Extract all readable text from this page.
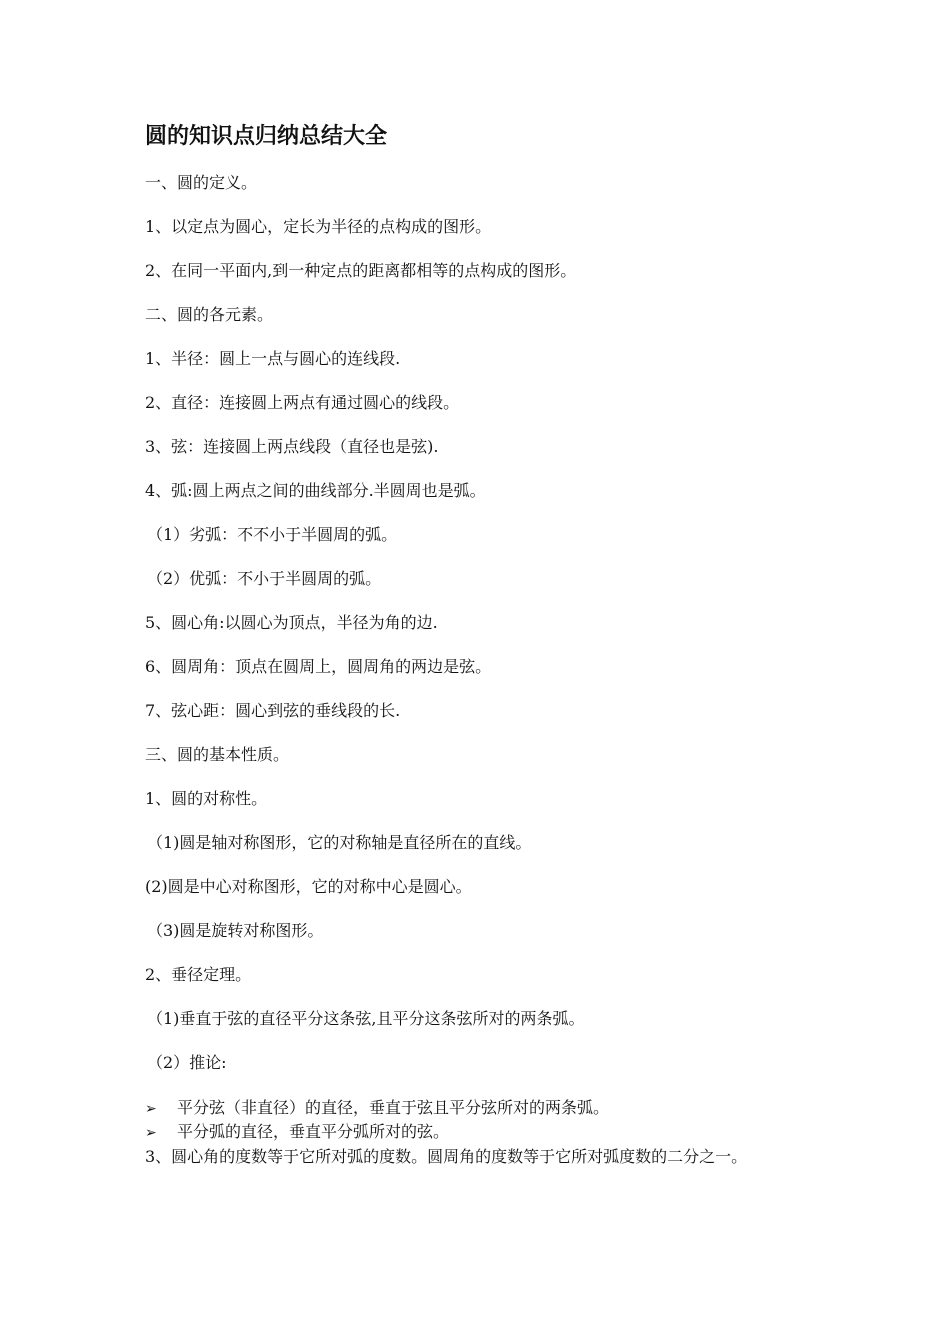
圆的知识点归纳总结大全
一、圆的定义。
1、以定点为圆心，定长为半径的点构成的图形。
2、在同一平面内,到一种定点的距离都相等的点构成的图形。
二、圆的各元素。
1、半径：圆上一点与圆心的连线段.
2、直径：连接圆上两点有通过圆心的线段。
3、弦：连接圆上两点线段（直径也是弦).
4、弧:圆上两点之间的曲线部分.半圆周也是弧。
（1）劣弧：不不小于半圆周的弧。
（2）优弧：不小于半圆周的弧。
5、圆心角:以圆心为顶点，半径为角的边.
6、圆周角：顶点在圆周上，圆周角的两边是弦。
7、弦心距：圆心到弦的垂线段的长.
三、圆的基本性质。
1、圆的对称性。
（1)圆是轴对称图形，它的对称轴是直径所在的直线。
(2)圆是中心对称图形，它的对称中心是圆心。
（3)圆是旋转对称图形。
2、垂径定理。
（1)垂直于弦的直径平分这条弦,且平分这条弦所对的两条弧。
（2）推论:
➢ 平分弦（非直径）的直径，垂直于弦且平分弦所对的两条弧。
➢ 平分弧的直径，垂直平分弧所对的弦。
3、圆心角的度数等于它所对弧的度数。圆周角的度数等于它所对弧度数的二分之一。
